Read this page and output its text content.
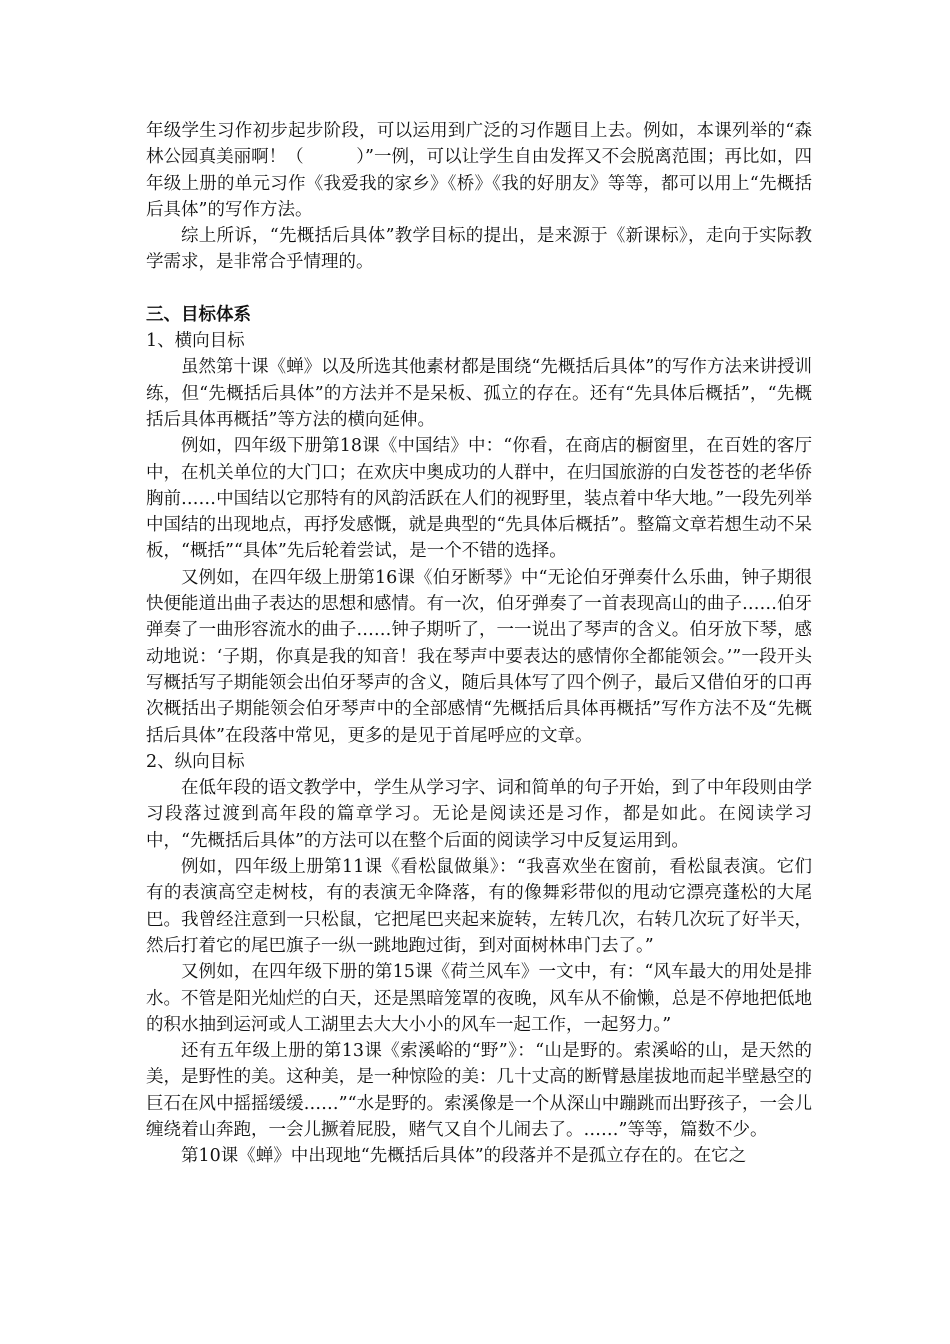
年级学生习作初步起步阶段，可以运用到广泛的习作题目上去。例如，本课列举的“森林公园真美丽啊！（　　　）”一例，可以让学生自由发挥又不会脱离范围；再比如，四年级上册的单元习作《我爱我的家乡》《桥》《我的好朋友》等等，都可以用上“先概括后具体”的写作方法。

综上所诉，“先概括后具体”教学目标的提出，是来源于《新课标》，走向于实际教学需求，是非常合乎情理的。

三、目标体系

1、横向目标

虽然第十课《蝉》以及所选其他素材都是围绕“先概括后具体”的写作方法来讲授训练，但“先概括后具体”的方法并不是呆板、孤立的存在。还有“先具体后概括”，“先概括后具体再概括”等方法的横向延伸。

例如，四年级下册第18课《中国结》中：“你看，在商店的橱窗里，在百姓的客厅中，在机关单位的大门口；在欢庆中奥成功的人群中，在归国旅游的白发苍苍的老华侨胸前……中国结以它那特有的风韵活跃在人们的视野里，装点着中华大地。”一段先列举中国结的出现地点，再抒发感慨，就是典型的“先具体后概括”。整篇文章若想生动不呆板，“概括”“具体”先后轮着尝试，是一个不错的选择。

又例如，在四年级上册第16课《伯牙断琴》中“无论伯牙弹奏什么乐曲，钟子期很快便能道出曲子表达的思想和感情。有一次，伯牙弹奏了一首表现高山的曲子……伯牙弹奏了一曲形容流水的曲子……钟子期听了，一一说出了琴声的含义。伯牙放下琴，感动地说：‘子期，你真是我的知音！我在琴声中要表达的感情你全都能领会。’”一段开头写概括写子期能领会出伯牙琴声的含义，随后具体写了四个例子，最后又借伯牙的口再次概括出子期能领会伯牙琴声中的全部感情“先概括后具体再概括”写作方法不及“先概括后具体”在段落中常见，更多的是见于首尾呼应的文章。

2、纵向目标

在低年段的语文教学中，学生从学习字、词和简单的句子开始，到了中年段则由学习段落过渡到高年段的篇章学习。无论是阅读还是习作，都是如此。在阅读学习中，“先概括后具体”的方法可以在整个后面的阅读学习中反复运用到。

例如，四年级上册第11课《看松鼠做巢》：“我喜欢坐在窗前，看松鼠表演。它们有的表演高空走树枝，有的表演无伞降落，有的像舞彩带似的甩动它漂亮蓬松的大尾巴。我曾经注意到一只松鼠，它把尾巴夹起来旋转，左转几次，右转几次玩了好半天，然后打着它的尾巴旗子一纵一跳地跑过街，到对面树林串门去了。”

又例如，在四年级下册的第15课《荷兰风车》一文中，有：“风车最大的用处是排水。不管是阳光灿烂的白天，还是黑暗笼罩的夜晚，风车从不偷懒，总是不停地把低地的积水抽到运河或人工湖里去大大小小的风车一起工作，一起努力。”

还有五年级上册的第13课《索溪峪的“野”》：“山是野的。索溪峪的山，是天然的美，是野性的美。这种美，是一种惊险的美：几十丈高的断臂悬崖拔地而起半壁悬空的巨石在风中摇摇缓缓……”“水是野的。索溪像是一个从深山中蹦跳而出野孩子，一会儿缠绕着山奔跑，一会儿撅着屁股，赌气又自个儿闹去了。……”等等，篇数不少。

第10课《蝉》中出现地“先概括后具体”的段落并不是孤立存在的。在它之
